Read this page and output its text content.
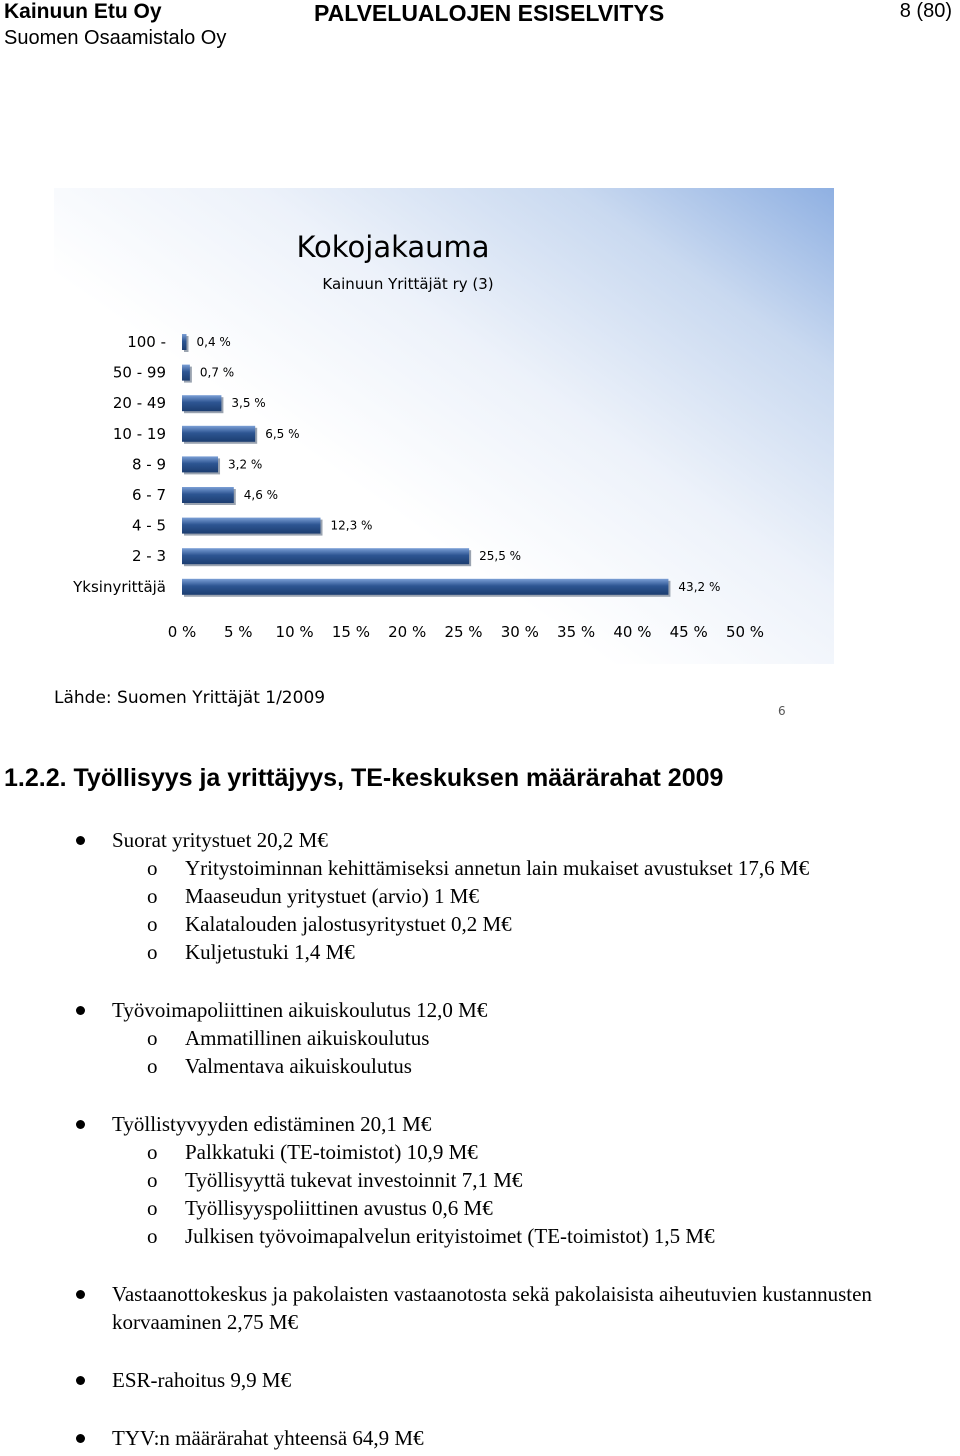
Kainuun Etu Oy
Suomen Osaamistalo Oy
PALVELUALOJEN ESISELVITYS	8 (80)
Kokojakauma
Kainuun Yrittäjät ry (3)
100 -	0,4 %
50 - 99	0,7 %
20 - 49	3,5 %
10 - 19	6,5 %
8 - 9	3,2 %
6 - 7	4,6 %
4 - 5	12,3 %
2 - 3	25,5 %
Yksinyrittäjä	43,2 %
0 % 5 % 10 % 15 % 20 % 25 % 30 % 35 % 40 % 45 % 50 %
Lähde: Suomen Yrittäjät 1/2009
6
1.2.2. Työllisyys ja yrittäjyys, TE-keskuksen määrärahat 2009
Suorat yritystuet 20,2 M€
o Yritystoiminnan kehittämiseksi annetun lain mukaiset avustukset 17,6 M€
o Maaseudun yritystuet (arvio) 1 M€
o Kalatalouden jalostusyritystuet 0,2 M€
o Kuljetustuki 1,4 M€
Työvoimapoliittinen aikuiskoulutus 12,0 M€
o Ammatillinen aikuiskoulutus
o Valmentava aikuiskoulutus
Työllistyvyyden edistäminen 20,1 M€
o Palkkatuki (TE-toimistot) 10,9 M€
o Työllisyyttä tukevat investoinnit 7,1 M€
o Työllisyyspoliittinen avustus 0,6 M€
o Julkisen työvoimapalvelun erityistoimet (TE-toimistot) 1,5 M€
Vastaanottokeskus ja pakolaisten vastaanotosta sekä pakolaisista aiheutuvien kustannusten korvaaminen 2,75 M€
ESR-rahoitus 9,9 M€
TYV:n määrärahat yhteensä 64,9 M€
